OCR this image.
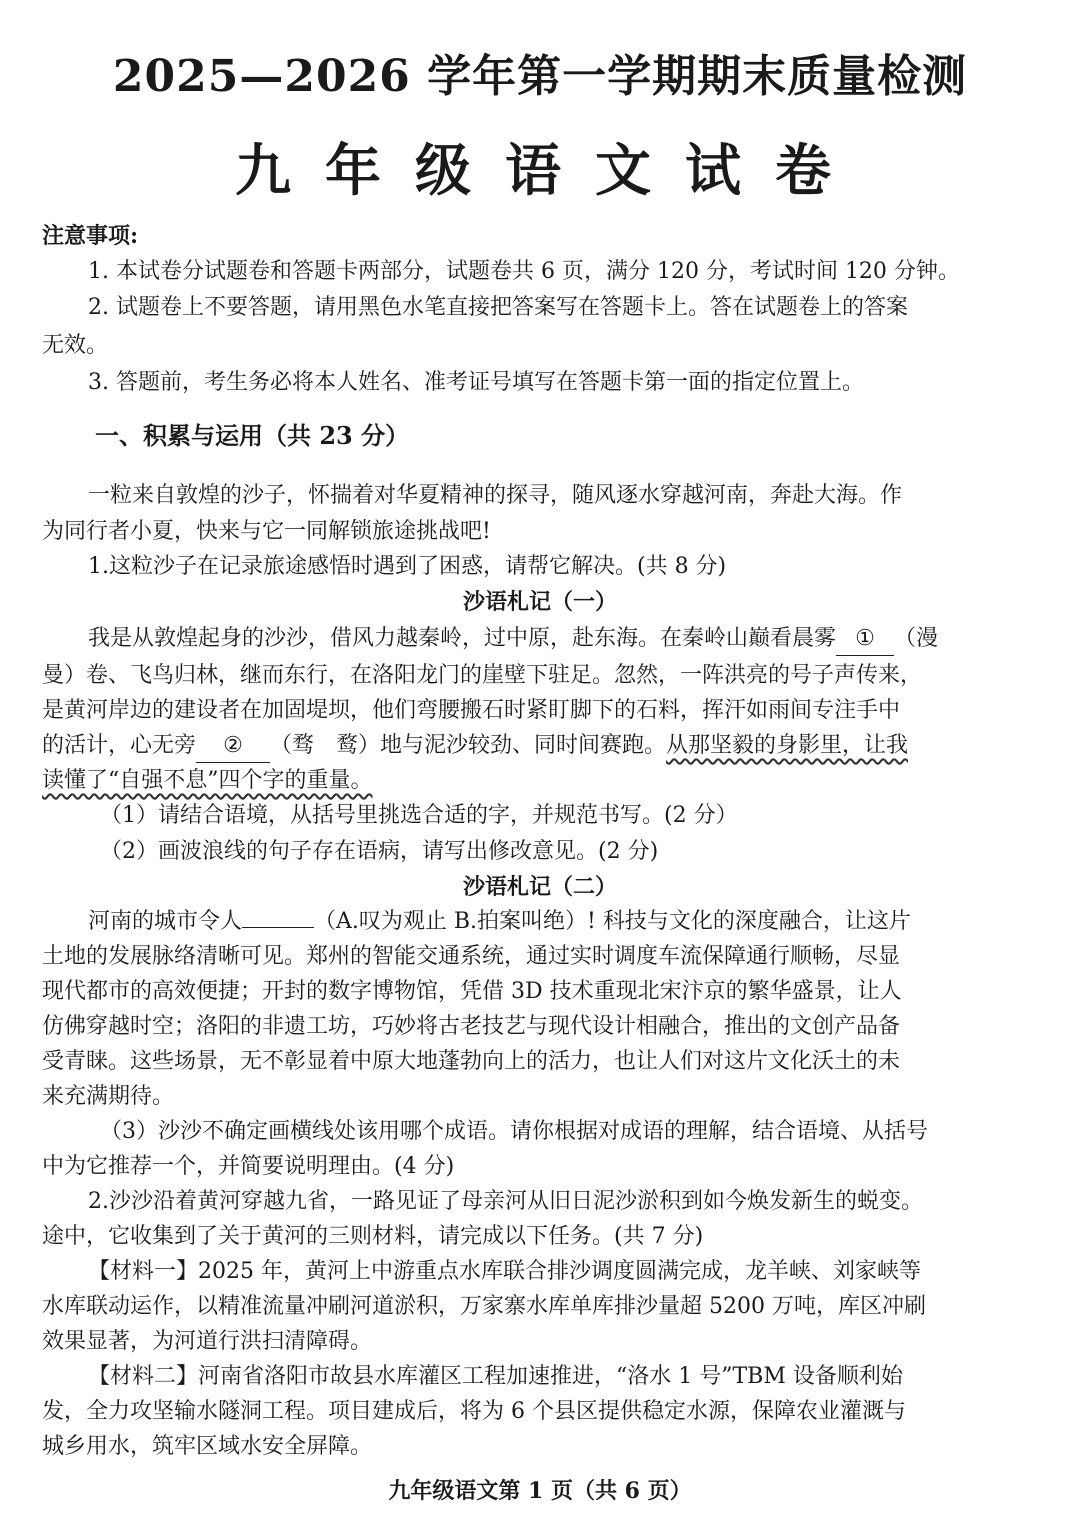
2025—2026 学年第一学期期末质量检测
九年级语文试卷
注意事项:
1. 本试卷分试题卷和答题卡两部分，试题卷共 6 页，满分 120 分，考试时间 120 分钟。
2. 试题卷上不要答题，请用黑色水笔直接把答案写在答题卡上。答在试题卷上的答案
无效。
3. 答题前，考生务必将本人姓名、准考证号填写在答题卡第一面的指定位置上。
一、积累与运用（共 23 分）
一粒来自敦煌的沙子，怀揣着对华夏精神的探寻，随风逐水穿越河南，奔赴大海。作
为同行者小夏，快来与它一同解锁旅途挑战吧!
1.这粒沙子在记录旅途感悟时遇到了困惑，请帮它解决。(共 8 分)
沙语札记（一）
我是从敦煌起身的沙沙，借风力越秦岭，过中原，赴东海。在秦岭山巅看晨雾 ① （漫
曼）卷、飞鸟归林，继而东行，在洛阳龙门的崖壁下驻足。忽然，一阵洪亮的号子声传来，
是黄河岸边的建设者在加固堤坝，他们弯腰搬石时紧盯脚下的石料，挥汗如雨间专注手中
的活计，心无旁 ② （骛　鹜）地与泥沙较劲、同时间赛跑。从那坚毅的身影里，让我
读懂了“自强不息”四个字的重量。
（1）请结合语境，从括号里挑选合适的字，并规范书写。(2 分）
（2）画波浪线的句子存在语病，请写出修改意见。(2 分)
沙语札记（二）
河南的城市令人	（A.叹为观止 B.拍案叫绝）! 科技与文化的深度融合，让这片
土地的发展脉络清晰可见。郑州的智能交通系统，通过实时调度车流保障通行顺畅，尽显
现代都市的高效便捷；开封的数字博物馆，凭借 3D 技术重现北宋汴京的繁华盛景，让人
仿佛穿越时空；洛阳的非遗工坊，巧妙将古老技艺与现代设计相融合，推出的文创产品备
受青睐。这些场景，无不彰显着中原大地蓬勃向上的活力，也让人们对这片文化沃土的未
来充满期待。
（3）沙沙不确定画横线处该用哪个成语。请你根据对成语的理解，结合语境、从括号
中为它推荐一个，并简要说明理由。(4 分)
2.沙沙沿着黄河穿越九省，一路见证了母亲河从旧日泥沙淤积到如今焕发新生的蜕变。
途中，它收集到了关于黄河的三则材料，请完成以下任务。(共 7 分)
【材料一】2025 年，黄河上中游重点水库联合排沙调度圆满完成，龙羊峡、刘家峡等
水库联动运作，以精准流量冲刷河道淤积，万家寨水库单库排沙量超 5200 万吨，库区冲刷
效果显著，为河道行洪扫清障碍。
【材料二】河南省洛阳市故县水库灌区工程加速推进，“洛水 1 号”TBM 设备顺利始
发，全力攻坚输水隧洞工程。项目建成后，将为 6 个县区提供稳定水源，保障农业灌溉与
城乡用水，筑牢区域水安全屏障。
九年级语文第 1 页（共 6 页）
